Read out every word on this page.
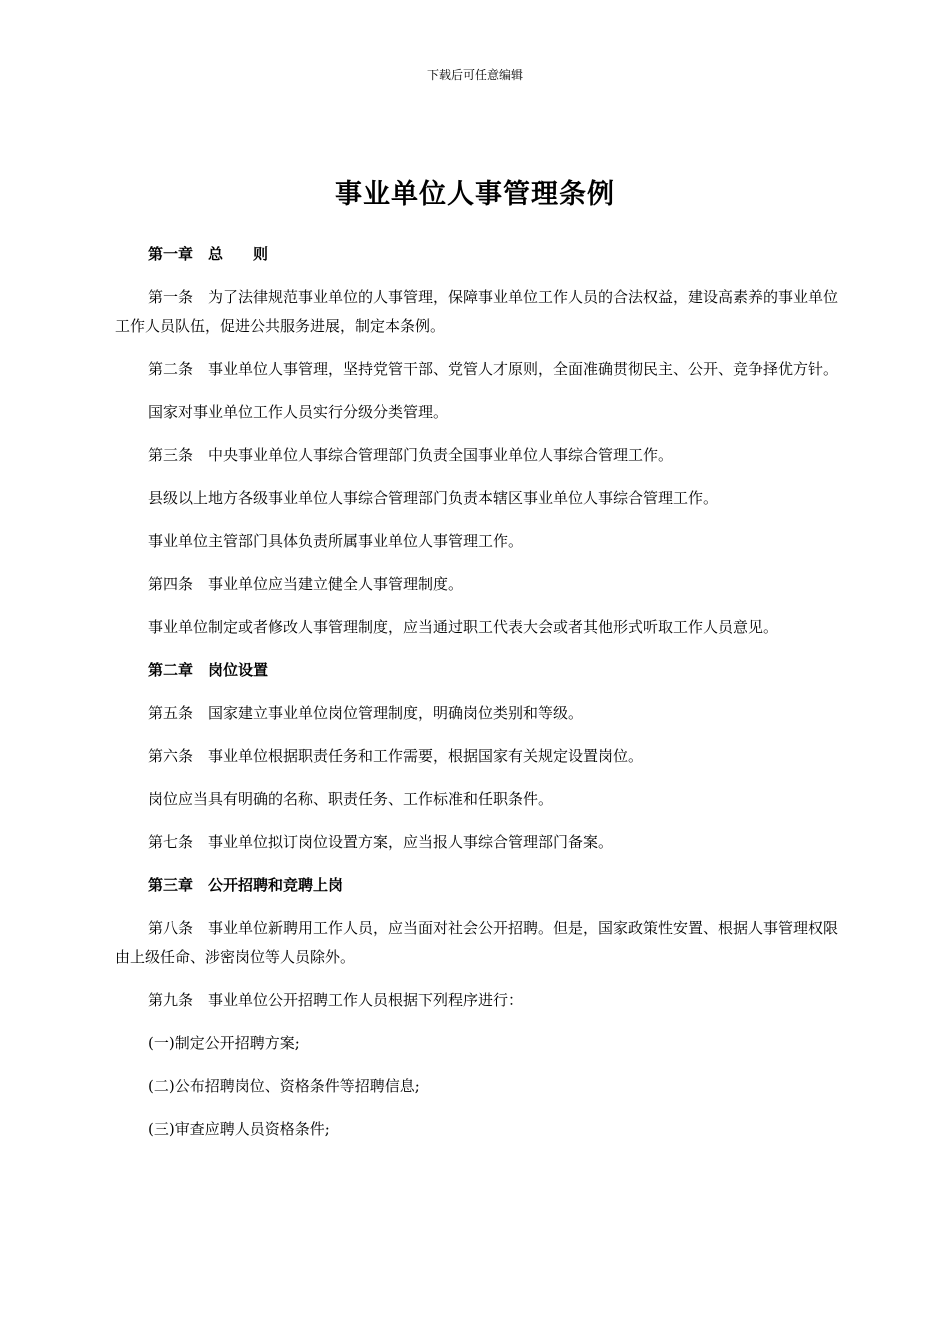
下载后可任意编辑
事业单位人事管理条例

第一章　总　　则

第一条　为了法律规范事业单位的人事管理，保障事业单位工作人员的合法权益，建设高素养的事业单位工作人员队伍，促进公共服务进展，制定本条例。

第二条　事业单位人事管理，坚持党管干部、党管人才原则，全面准确贯彻民主、公开、竞争择优方针。

国家对事业单位工作人员实行分级分类管理。

第三条　中央事业单位人事综合管理部门负责全国事业单位人事综合管理工作。

县级以上地方各级事业单位人事综合管理部门负责本辖区事业单位人事综合管理工作。

事业单位主管部门具体负责所属事业单位人事管理工作。

第四条　事业单位应当建立健全人事管理制度。

事业单位制定或者修改人事管理制度，应当通过职工代表大会或者其他形式听取工作人员意见。

第二章　岗位设置

第五条　国家建立事业单位岗位管理制度，明确岗位类别和等级。

第六条　事业单位根据职责任务和工作需要，根据国家有关规定设置岗位。

岗位应当具有明确的名称、职责任务、工作标准和任职条件。

第七条　事业单位拟订岗位设置方案，应当报人事综合管理部门备案。

第三章　公开招聘和竞聘上岗

第八条　事业单位新聘用工作人员，应当面对社会公开招聘。但是，国家政策性安置、根据人事管理权限由上级任命、涉密岗位等人员除外。

第九条　事业单位公开招聘工作人员根据下列程序进行：

(一)制定公开招聘方案;

(二)公布招聘岗位、资格条件等招聘信息;

(三)审查应聘人员资格条件;
